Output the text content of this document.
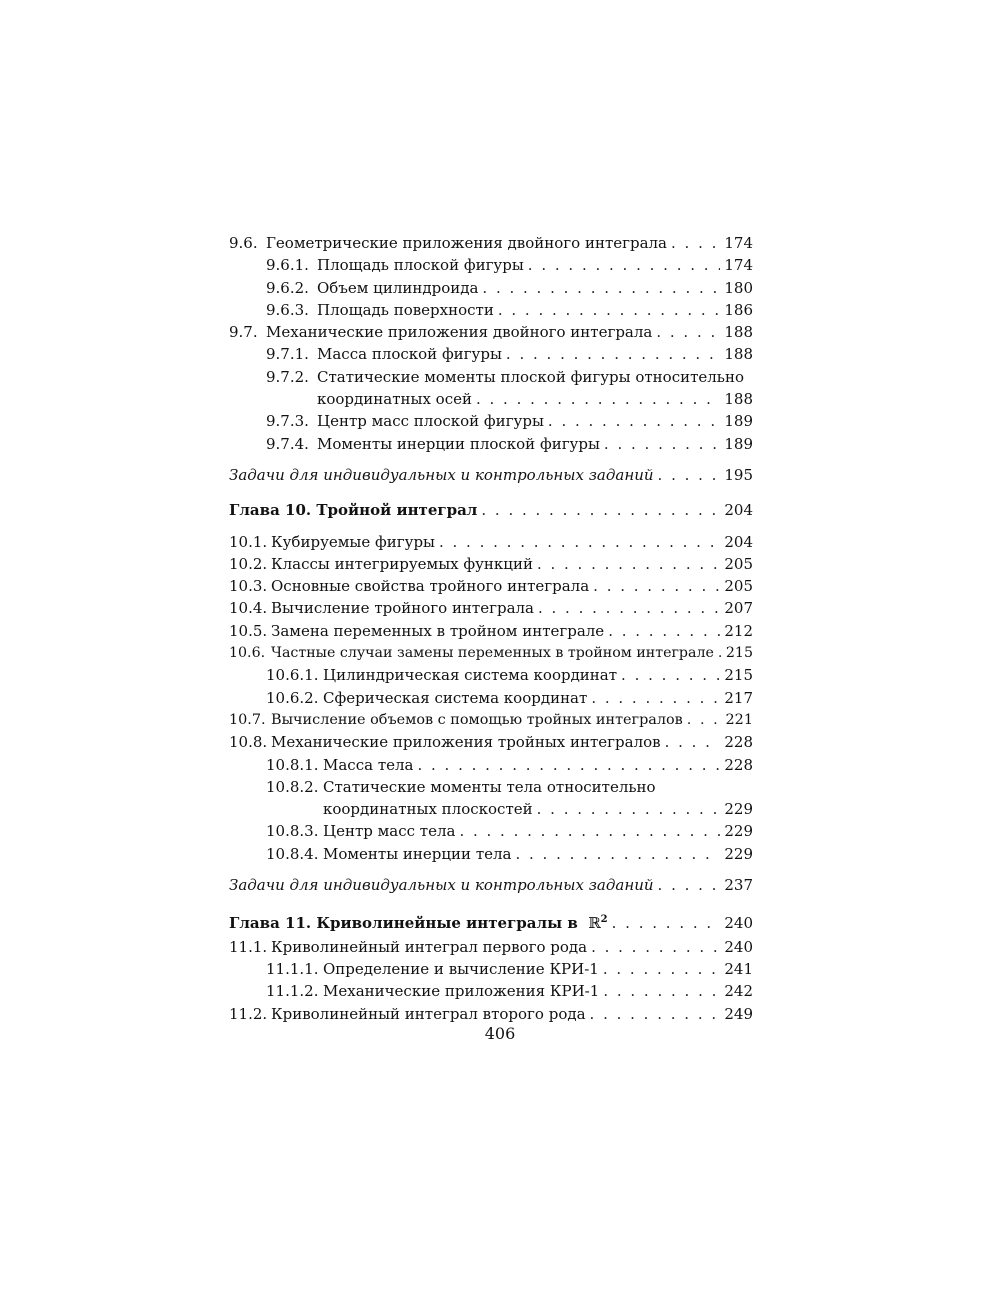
9.6. Геометрические приложения двойного интеграла . . .	174
9.6.1. Площадь плоской фигуры . . .	174
9.6.2. Объем цилиндроида . . .	180
9.6.3. Площадь поверхности . . .	186
9.7. Механические приложения двойного интеграла . . .	188
9.7.1. Масса плоской фигуры . . .	188
9.7.2. Статические моменты плоской фигуры относительно
координатных осей . . .	188
9.7.3. Центр масс плоской фигуры . . .	189
9.7.4. Моменты инерции плоской фигуры . . .	189
Задачи для индивидуальных и контрольных заданий . . .	195
Глава 10. Тройной интеграл . . .	204
10.1. Кубируемые фигуры . . .	204
10.2. Классы интегрируемых функций . . .	205
10.3. Основные свойства тройного интеграла . . .	205
10.4. Вычисление тройного интеграла . . .	207
10.5. Замена переменных в тройном интеграле . . .	212
10.6. Частные случаи замены переменных в тройном интеграле . . . 215
10.6.1. Цилиндрическая система координат . . .	215
10.6.2. Сферическая система координат . . .	217
10.7. Вычисление объемов с помощью тройных интегралов . . .	221
10.8. Механические приложения тройных интегралов . . .	228
10.8.1. Масса тела . . .	228
10.8.2. Статические моменты тела относительно
координатных плоскостей . . .	229
10.8.3. Центр масс тела . . .	229
10.8.4. Моменты инерции тела . . .	229
Задачи для индивидуальных и контрольных заданий . . .	237
Глава 11. Криволинейные интегралы в ℝ$^2$ . . .	240
11.1. Криволинейный интеграл первого рода . . .	240
11.1.1. Определение и вычисление КРИ-1 . . .	241
11.1.2. Механические приложения КРИ-1 . . .	242
11.2. Криволинейный интеграл второго рода . . .	249
406
